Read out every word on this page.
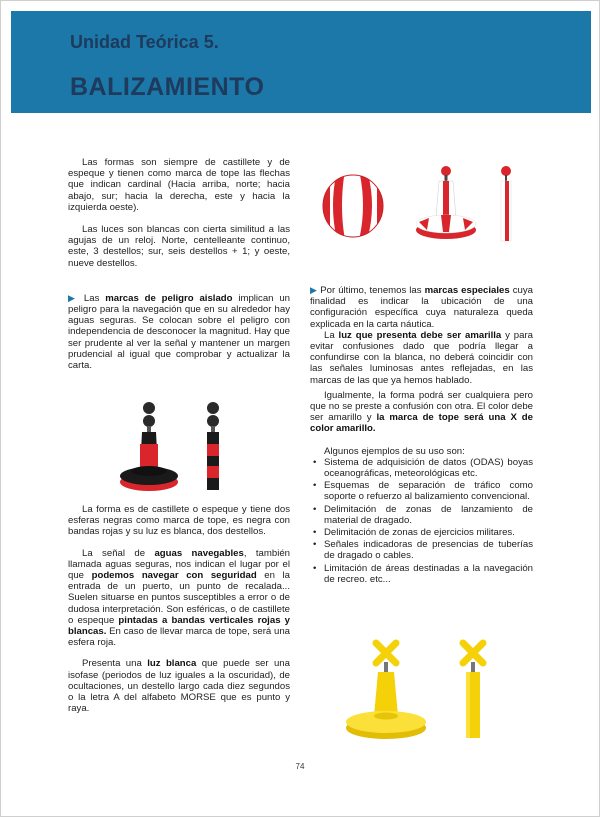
Unidad Teórica 5.
BALIZAMIENTO

Las formas son siempre de castillete y de espeque y tienen como marca de tope las flechas que indican cardinal (Hacia arriba, norte; hacia abajo, sur; hacia la derecha, este y hacia la izquierda oeste).

Las luces son blancas con cierta similitud a las agujas de un reloj. Norte, centelleante continuo, este, 3 destellos; sur, seis destellos + 1; y oeste, nueve destellos.

▶ Las marcas de peligro aislado implican un peligro para la navegación que en su alrededor hay aguas seguras. Se colocan sobre el peligro con independencia de desconocer la magnitud. Hay que ser prudente al ver la señal y mantener un margen prudencial al igual que comprobar y actualizar la carta.

La forma es de castillete o espeque y tiene dos esferas negras como marca de tope, es negra con bandas rojas y su luz es blanca, dos destellos.

La señal de aguas navegables, también llamada aguas seguras, nos indican el lugar por el que podemos navegar con seguridad en la entrada de un puerto, un punto de recalada... Suelen situarse en puntos susceptibles a error o de dudosa interpretación. Son esféricas, o de castillete o espeque pintadas a bandas verticales rojas y blancas. En caso de llevar marca de tope, será una esfera roja.

Presenta una luz blanca que puede ser una isofase (periodos de luz iguales a la oscuridad), de ocultaciones, un destello largo cada diez segundos o la letra A del alfabeto MORSE que es punto y raya.

▶ Por último, tenemos las marcas especiales cuya finalidad es indicar la ubicación de una configuración específica cuya naturaleza queda explicada en la carta náutica.

La luz que presenta debe ser amarilla y para evitar confusiones dado que podría llegar a confundirse con la blanca, no deberá coincidir con las señales luminosas antes reflejadas, en las marcas de las que ya hemos hablado.

Igualmente, la forma podrá ser cualquiera pero que no se preste a confusión con otra. El color debe ser amarillo y la marca de tope será una X de color amarillo.

Algunos ejemplos de su uso son:

• Sistema de adquisición de datos (ODAS) boyas oceanográficas, meteorológicas etc.
• Esquemas de separación de tráfico como soporte o refuerzo al balizamiento convencional.
• Delimitación de zonas de lanzamiento de material de dragado.
• Delimitación de zonas de ejercicios militares.
• Señales indicadoras de presencias de tuberías de dragado o cables.
• Limitación de áreas destinadas a la navegación de recreo. etc...
74
